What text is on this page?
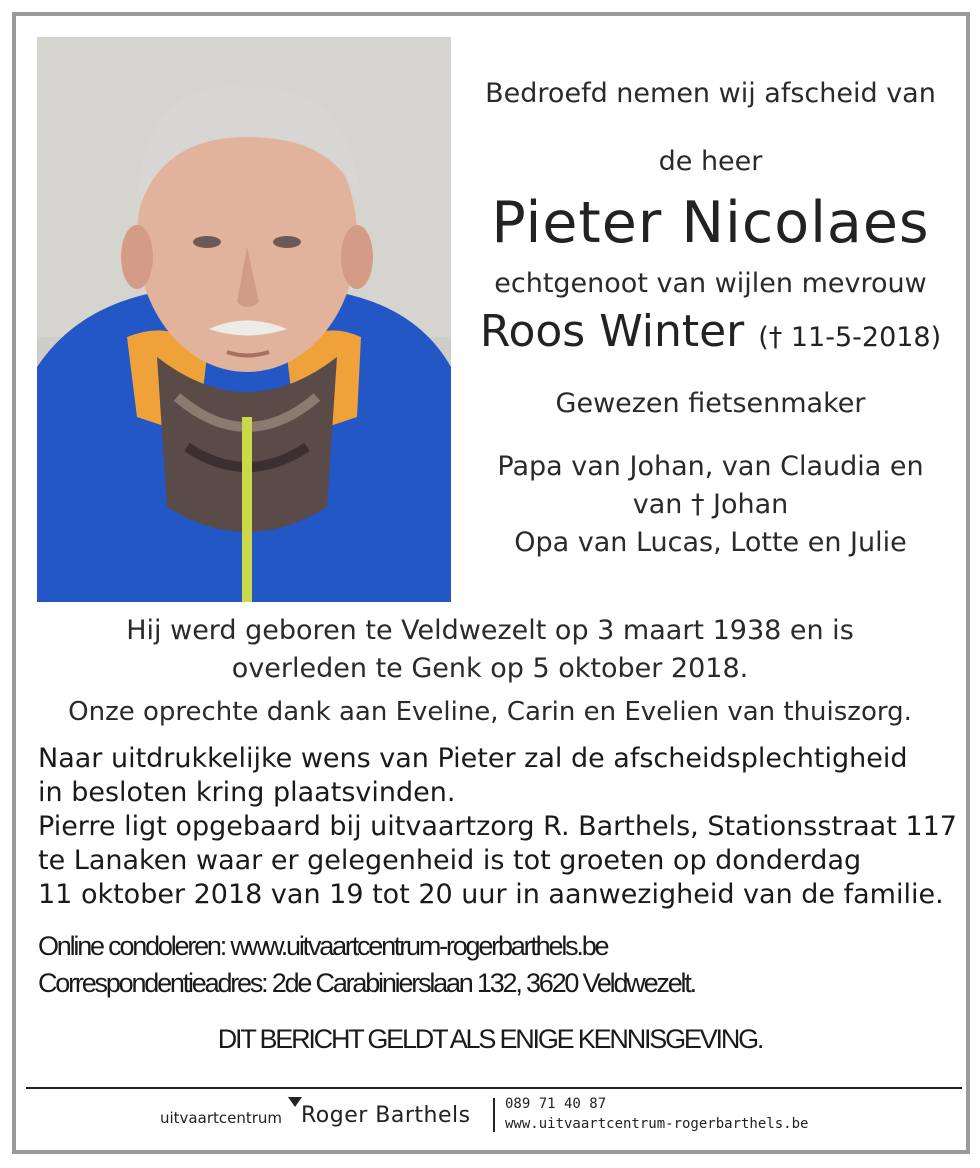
Bedroefd nemen wij afscheid van
de heer
Pieter Nicolaes
echtgenoot van wijlen mevrouw
Roos Winter († 11-5-2018)
Gewezen fietsenmaker
Papa van Johan, van Claudia en
van † Johan
Opa van Lucas, Lotte en Julie
Hij werd geboren te Veldwezelt op 3 maart 1938 en is
overleden te Genk op 5 oktober 2018.
Onze oprechte dank aan Eveline, Carin en Evelien van thuiszorg.

Naar uitdrukkelijke wens van Pieter zal de afscheidsplechtigheid

in besloten kring plaatsvinden.

Pierre ligt opgebaard bij uitvaartzorg R. Barthels, Stationsstraat 117

te Lanaken waar er gelegenheid is tot groeten op donderdag

11 oktober 2018 van 19 tot 20 uur in aanwezigheid van de familie.

Online condoleren: www.uitvaartcentrum-rogerbarthels.be
Correspondentieadres: 2de Carabinierslaan 132, 3620 Veldwezelt.
DIT BERICHT GELDT ALS ENIGE KENNISGEVING.
uitvaartcentrum Roger Barthels 089 71 40 87
www.uitvaartcentrum-rogerbarthels.be
